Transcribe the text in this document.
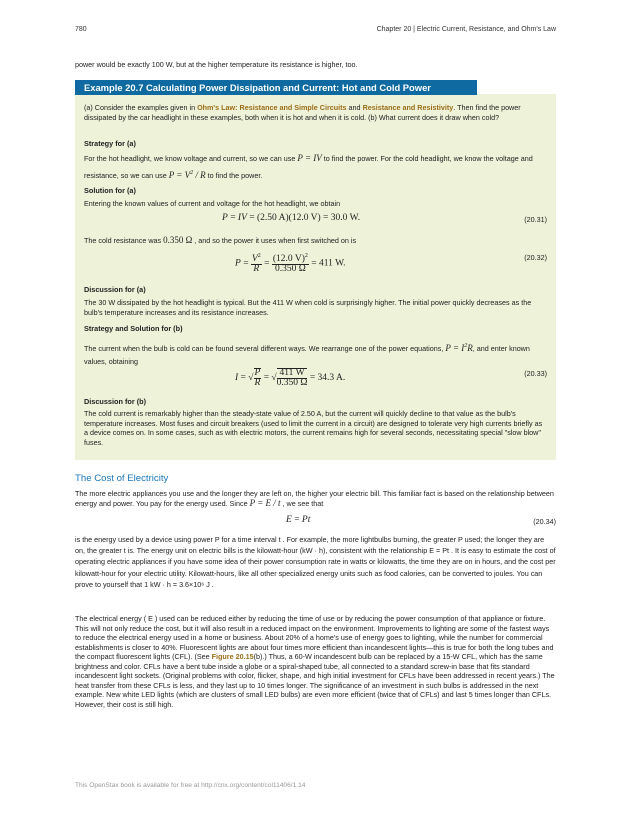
780	Chapter 20 | Electric Current, Resistance, and Ohm's Law
power would be exactly 100 W, but at the higher temperature its resistance is higher, too.
Example 20.7 Calculating Power Dissipation and Current: Hot and Cold Power
(a) Consider the examples given in Ohm's Law: Resistance and Simple Circuits and Resistance and Resistivity. Then find the power dissipated by the car headlight in these examples, both when it is hot and when it is cold. (b) What current does it draw when cold?
Strategy for (a)
For the hot headlight, we know voltage and current, so we can use P = IV to find the power. For the cold headlight, we know the voltage and resistance, so we can use $P = V^2 / R$ to find the power.
Solution for (a)
Entering the known values of current and voltage for the hot headlight, we obtain
P = IV = (2.50 A)(12.0 V) = 30.0 W.	(20.31)
The cold resistance was 0.350 Ω , and so the power it uses when first switched on is
$P = \frac{V^2}{R} = \frac{(12.0 V)^2}{0.350 \Omega} = 411$ W.
(20.32)
Discussion for (a)
The 30 W dissipated by the hot headlight is typical. But the 411 W when cold is surprisingly higher. The initial power quickly decreases as the bulb's temperature increases and its resistance increases.
Strategy and Solution for (b)
The current when the bulb is cold can be found several different ways. We rearrange one of the power equations, $P = I^2R$, and enter known values, obtaining
I = √ $\frac{P}{R}$ = √ $\frac{411 W}{0.350 \Omega} = 34.3$ A.	(20.33)
Discussion for (b)
The cold current is remarkably higher than the steady-state value of 2.50 A, but the current will quickly decline to that value as the bulb's temperature increases. Most fuses and circuit breakers (used to limit the current in a circuit) are designed to tolerate very high currents briefly as a device comes on. In some cases, such as with electric motors, the current remains high for several seconds, necessitating special "slow blow" fuses.
The Cost of Electricity
The more electric appliances you use and the longer they are left on, the higher your electric bill. This familiar fact is based on the relationship between energy and power. You pay for the energy used. Since P = E / t , we see that
E = Pt	(20.34)
is the energy used by a device using power P for a time interval t . For example, the more lightbulbs burning, the greater P used; the longer they are on, the greater t is. The energy unit on electric bills is the kilowatt-hour (kW · h), consistent with the relationship E = Pt . It is easy to estimate the cost of operating electric appliances if you have some idea of their power consumption rate in watts or kilowatts, the time they are on in hours, and the cost per kilowatt-hour for your electric utility. Kilowatt-hours, like all other specialized energy units such as food calories, can be converted to joules. You can prove to yourself that 1 kW · h = 3.6×10⁶ J .
The electrical energy ( E ) used can be reduced either by reducing the time of use or by reducing the power consumption of that appliance or fixture. This will not only reduce the cost, but it will also result in a reduced impact on the environment. Improvements to lighting are some of the fastest ways to reduce the electrical energy used in a home or business. About 20% of a home's use of energy goes to lighting, while the number for commercial establishments is closer to 40%. Fluorescent lights are about four times more efficient than incandescent lights—this is true for both the long tubes and the compact fluorescent lights (CFL). (See Figure 20.15(b).) Thus, a 60-W incandescent bulb can be replaced by a 15-W CFL, which has the same brightness and color. CFLs have a bent tube inside a globe or a spiral-shaped tube, all connected to a standard screw-in base that fits standard incandescent light sockets. (Original problems with color, flicker, shape, and high initial investment for CFLs have been addressed in recent years.) The heat transfer from these CFLs is less, and they last up to 10 times longer. The significance of an investment in such bulbs is addressed in the next example. New white LED lights (which are clusters of small LED bulbs) are even more efficient (twice that of CFLs) and last 5 times longer than CFLs. However, their cost is still high.
This OpenStax book is available for free at http://cnx.org/content/col11406/1.14
